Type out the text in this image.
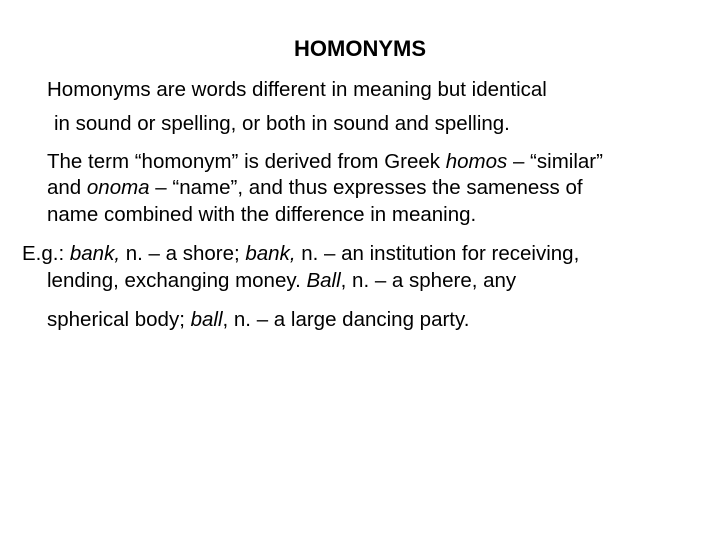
HOMONYMS
Homonyms are words different in meaning but identical
in sound or spelling, or both in sound and spelling.
The term “homonym” is derived from Greek homos – “similar”
and onoma – “name”, and thus expresses the sameness of
name combined with the difference in meaning.
E.g.: bank, n. – a shore; bank, n. – an institution for receiving,
lending, exchanging money. Ball, n. – a sphere, any
spherical body; ball, n. – a large dancing party.
